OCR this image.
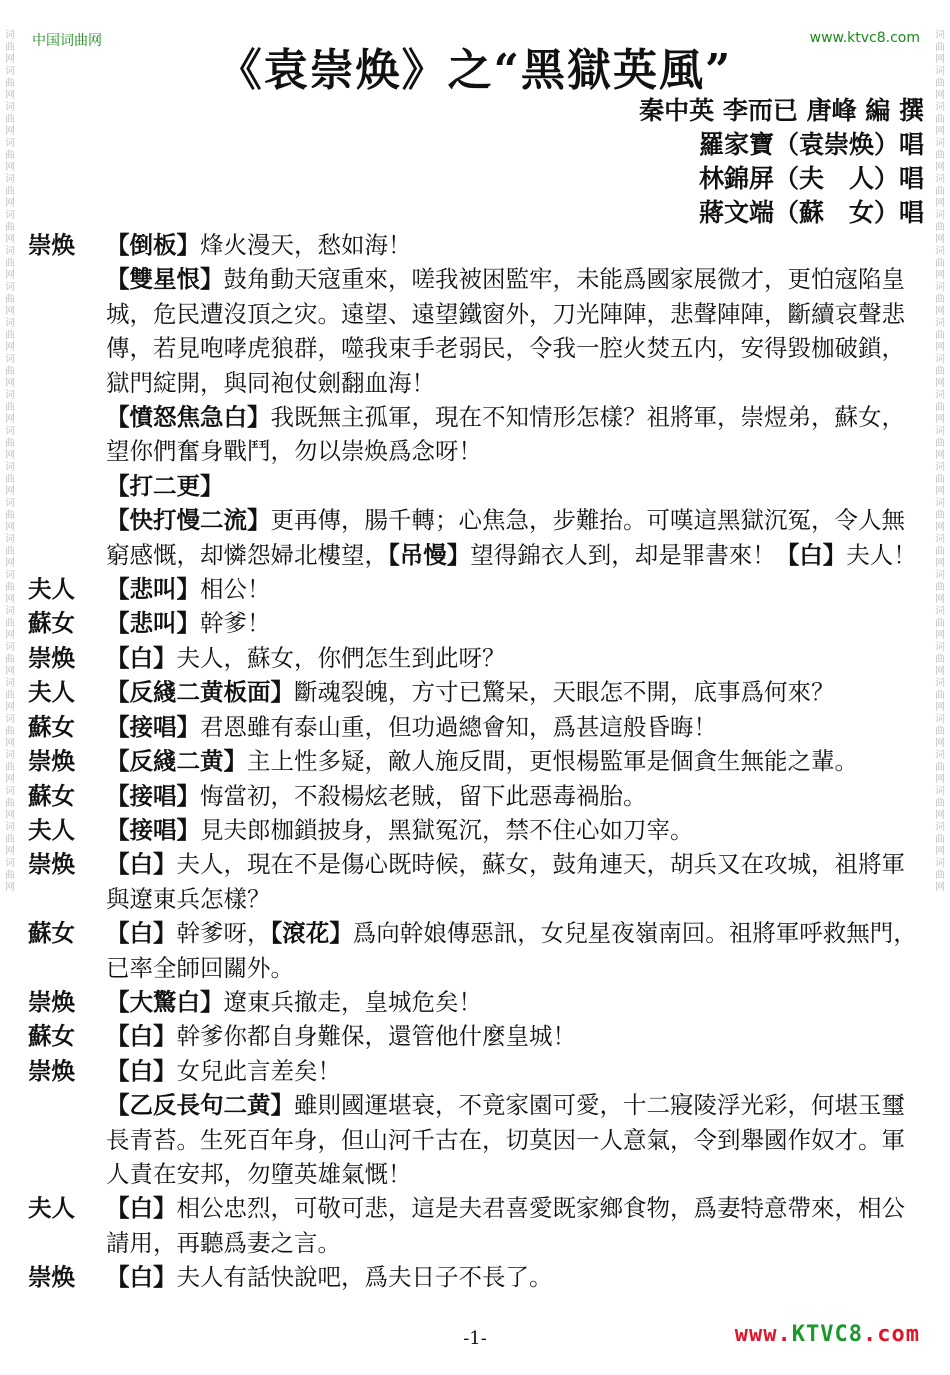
词曲网词曲网词曲网词曲网词曲网词曲网词曲网词曲网词曲网词曲网词曲网词曲网词曲网词曲网词曲网词曲网词曲网词曲网词曲网词曲网词曲网词曲网词曲网词曲网
词曲网词曲网词曲网词曲网词曲网词曲网词曲网词曲网词曲网词曲网词曲网词曲网词曲网词曲网词曲网词曲网词曲网词曲网词曲网词曲网词曲网词曲网词曲网词曲网
中国词曲网	www.ktvc8.com
《袁崇焕》之“黑獄英風”
秦中英 李而已 唐峰 編 撰
羅家寶（袁崇焕）唱
林錦屏（夫　人）唱
蔣文端（蘇　女）唱
崇焕	【倒板】烽火漫天，愁如海！
【雙星恨】鼓角動天寇重來，嗟我被困監牢，未能爲國家展微才，更怕寇陷皇城，危民遭沒頂之灾。遠望、遠望鐵窗外，刀光陣陣，悲聲陣陣，斷續哀聲悲傳，若見咆哮虎狼群，噬我束手老弱民，令我一腔火焚五内，安得毀枷破鎖，獄門綻開，與同袍仗劍翻血海！
【憤怒焦急白】我既無主孤軍，現在不知情形怎樣？祖將軍，崇煜弟，蘇女，望你們奮身戰鬥，勿以崇焕爲念呀！
【打二更】
【快打慢二流】更再傳，腸千轉；心焦急，步難抬。可嘆這黑獄沉冤，令人無窮感慨，却憐怨婦北樓望，【吊慢】望得錦衣人到，却是罪書來！【白】夫人！
夫人	【悲叫】相公！
蘇女	【悲叫】幹爹！
崇焕	【白】夫人，蘇女，你們怎生到此呀？
夫人	【反綫二黄板面】斷魂裂魄，方寸已驚呆，天眼怎不開，底事爲何來？
蘇女	【接唱】君恩雖有泰山重，但功過總會知，爲甚這般昏晦！
崇焕	【反綫二黄】主上性多疑，敵人施反間，更恨楊監軍是個貪生無能之輩。
蘇女	【接唱】悔當初，不殺楊炫老賊，留下此惡毒禍胎。
夫人	【接唱】見夫郎枷鎖披身，黑獄冤沉，禁不住心如刀宰。
崇焕	【白】夫人，現在不是傷心既時候，蘇女，鼓角連天，胡兵又在攻城，祖將軍與遼東兵怎樣？
蘇女	【白】幹爹呀，【滾花】爲向幹娘傳惡訊，女兒星夜嶺南回。祖將軍呼救無門，已率全師回關外。
崇焕	【大驚白】遼東兵撤走，皇城危矣！
蘇女	【白】幹爹你都自身難保，還管他什麼皇城！
崇焕	【白】女兒此言差矣！
【乙反長句二黄】雖則國運堪衰，不竟家園可愛，十二寢陵浮光彩，何堪玉璽長青苔。生死百年身，但山河千古在，切莫因一人意氣，令到舉國作奴才。軍人責在安邦，勿墮英雄氣慨！
夫人	【白】相公忠烈，可敬可悲，這是夫君喜愛既家鄉食物，爲妻特意帶來，相公請用，再聽爲妻之言。
崇焕	【白】夫人有話快說吧，爲夫日子不長了。
-1-	www.KTVC8.com
